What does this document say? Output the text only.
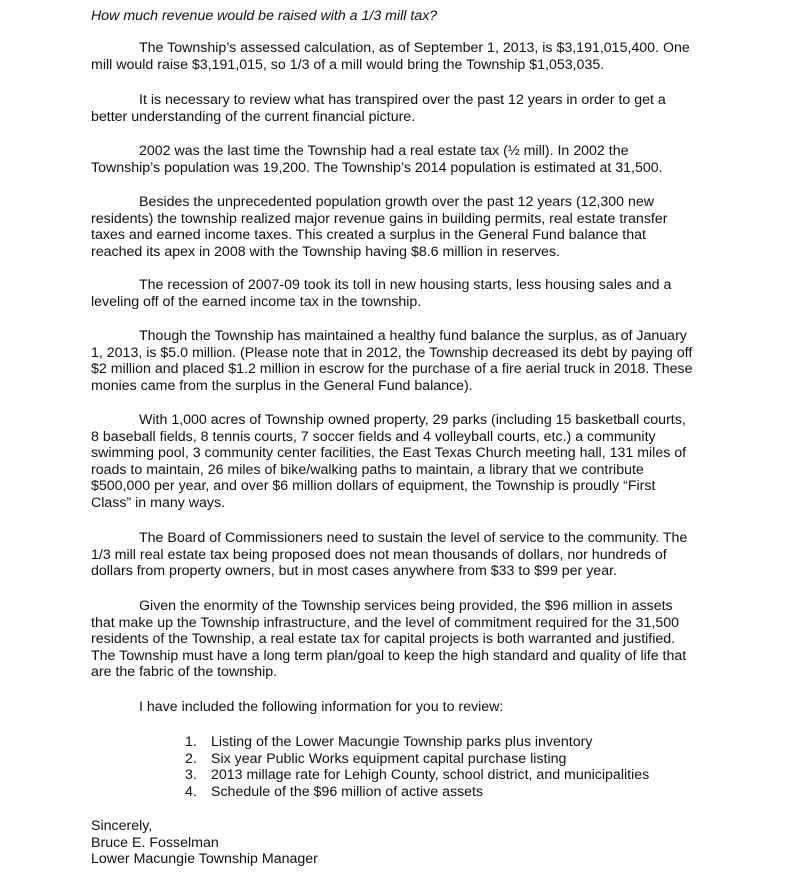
How much revenue would be raised with a 1/3 mill tax?

The Township’s assessed calculation, as of September 1, 2013, is $3,191,015,400. One
mill would raise $3,191,015, so 1/3 of a mill would bring the Township $1,053,035.

It is necessary to review what has transpired over the past 12 years in order to get a
better understanding of the current financial picture.

2002 was the last time the Township had a real estate tax (½ mill). In 2002 the
Township’s population was 19,200. The Township’s 2014 population is estimated at 31,500.

Besides the unprecedented population growth over the past 12 years (12,300 new
residents) the township realized major revenue gains in building permits, real estate transfer
taxes and earned income taxes. This created a surplus in the General Fund balance that
reached its apex in 2008 with the Township having $8.6 million in reserves.

The recession of 2007-09 took its toll in new housing starts, less housing sales and a
leveling off of the earned income tax in the township.

Though the Township has maintained a healthy fund balance the surplus, as of January
1, 2013, is $5.0 million. (Please note that in 2012, the Township decreased its debt by paying off
$2 million and placed $1.2 million in escrow for the purchase of a fire aerial truck in 2018. These
monies came from the surplus in the General Fund balance).

With 1,000 acres of Township owned property, 29 parks (including 15 basketball courts,
8 baseball fields, 8 tennis courts, 7 soccer fields and 4 volleyball courts, etc.) a community
swimming pool, 3 community center facilities, the East Texas Church meeting hall, 131 miles of
roads to maintain, 26 miles of bike/walking paths to maintain, a library that we contribute
$500,000 per year, and over $6 million dollars of equipment, the Township is proudly “First
Class” in many ways.

The Board of Commissioners need to sustain the level of service to the community. The
1/3 mill real estate tax being proposed does not mean thousands of dollars, nor hundreds of
dollars from property owners, but in most cases anywhere from $33 to $99 per year.

Given the enormity of the Township services being provided, the $96 million in assets
that make up the Township infrastructure, and the level of commitment required for the 31,500
residents of the Township, a real estate tax for capital projects is both warranted and justified.
The Township must have a long term plan/goal to keep the high standard and quality of life that
are the fabric of the township.

I have included the following information for you to review:

1. Listing of the Lower Macungie Township parks plus inventory
2. Six year Public Works equipment capital purchase listing
3. 2013 millage rate for Lehigh County, school district, and municipalities
4. Schedule of the $96 million of active assets
Sincerely,
Bruce E. Fosselman
Lower Macungie Township Manager
